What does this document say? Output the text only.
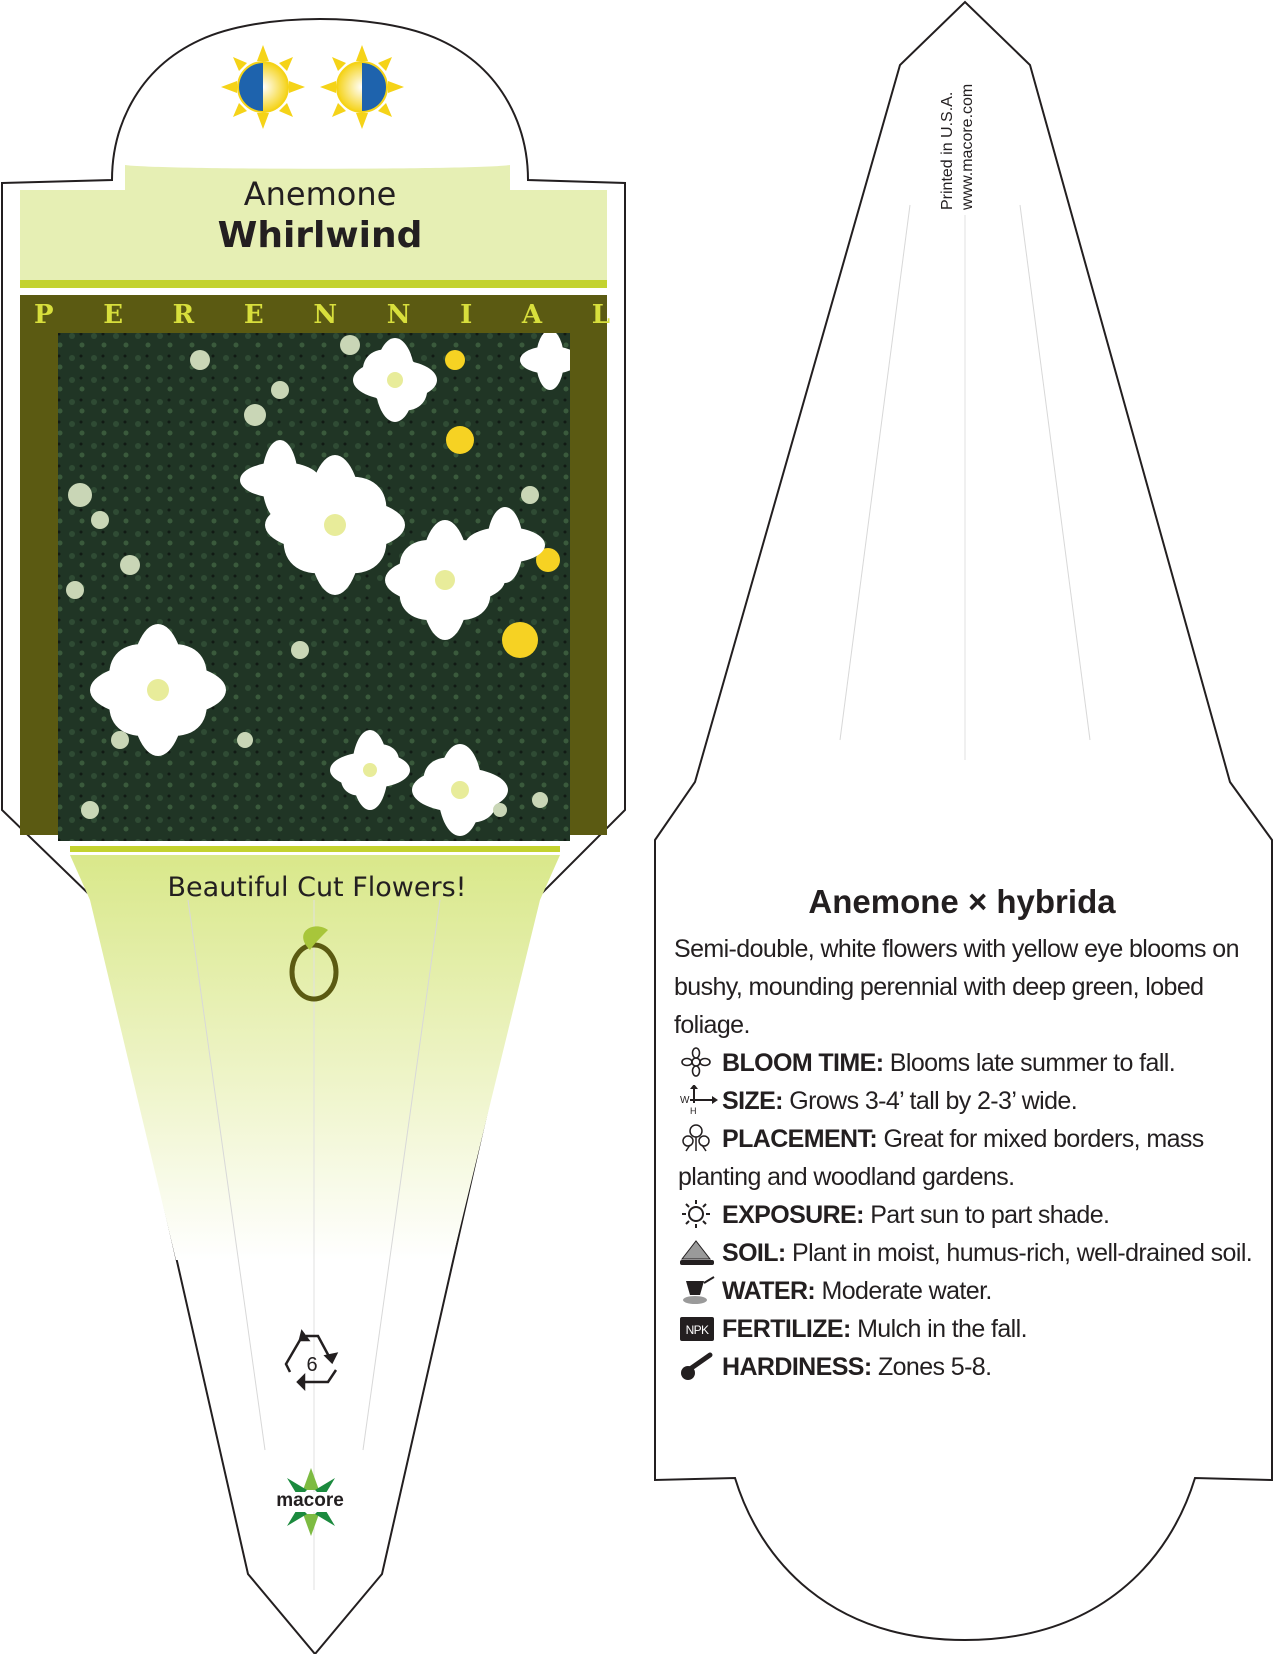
Anemone
Whirlwind
P E R E N N I A L
Beautiful Cut Flowers!
6
macore
Printed in U.S.A. www.macore.com
Anemone × hybrida

Semi-double, white flowers with yellow eye blooms on bushy, mounding perennial with deep green, lobed foliage.

BLOOM TIME: Blooms late summer to fall.
W
H SIZE: Grows 3-4’ tall by 2-3’ wide.
PLACEMENT: Great for mixed borders, mass planting and woodland gardens.
EXPOSURE: Part sun to part shade.
SOIL: Plant in moist, humus-rich, well-drained soil.
WATER: Moderate water.
NPK FERTILIZE: Mulch in the fall.
HARDINESS: Zones 5-8.
